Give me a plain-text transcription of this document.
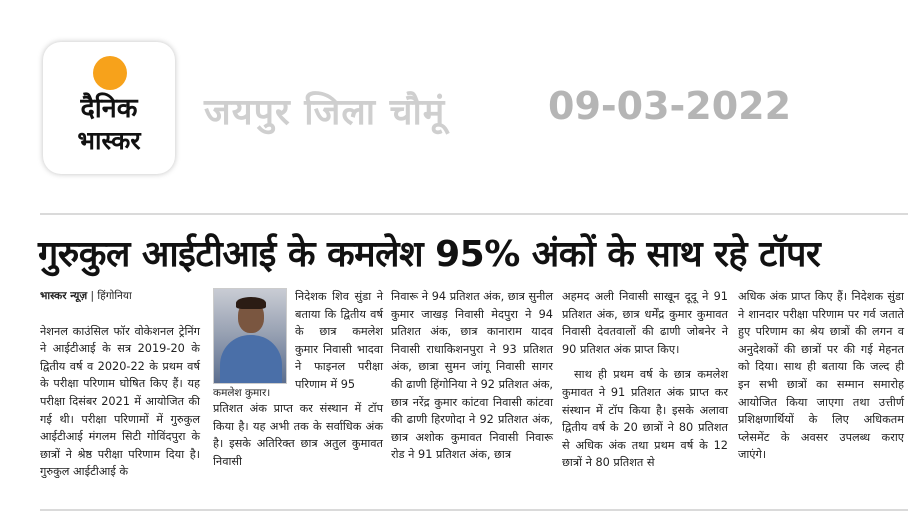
दैनिक
भास्कर
जयपुर जिला चौमूं	09-03-2022
गुरुकुल आईटीआई के कमलेश 95% अंकों के साथ रहे टॉपर
भास्कर न्यूज़ | हिंगोनिया

नेशनल काउंसिल फॉर वोकेशनल ट्रेनिंग ने आईटीआई के सत्र 2019-20 के द्वितीय वर्ष व 2020-22 के प्रथम वर्ष के परीक्षा परिणाम घोषित किए हैं। यह परीक्षा दिसंबर 2021 में आयोजित की गई थी। परीक्षा परिणामों में गुरुकुल आईटीआई मंगलम सिटी गोविंदपुरा के छात्रों ने श्रेष्ठ परीक्षा परिणाम दिया है। गुरुकुल आईटीआई के

कमलेश कुमार।

निदेशक शिव सुंडा ने बताया कि द्वितीय वर्ष के छात्र कमलेश कुमार निवासी भादवा ने फाइनल परीक्षा परिणाम में 95

प्रतिशत अंक प्राप्त कर संस्थान में टॉप किया है। यह अभी तक के सर्वाधिक अंक है। इसके अतिरिक्त छात्र अतुल कुमावत निवासी

निवारू ने 94 प्रतिशत अंक, छात्र सुनील कुमार जाखड़ निवासी मेदपुरा ने 94 प्रतिशत अंक, छात्र कानाराम यादव निवासी राधाकिशनपुरा ने 93 प्रतिशत अंक, छात्रा सुमन जांगू निवासी सागर की ढाणी हिंगोनिया ने 92 प्रतिशत अंक, छात्र नरेंद्र कुमार कांटवा निवासी कांटवा की ढाणी हिरणोदा ने 92 प्रतिशत अंक, छात्र अशोक कुमावत निवासी निवारू रोड ने 91 प्रतिशत अंक, छात्र

अहमद अली निवासी साखून दूदू ने 91 प्रतिशत अंक, छात्र धर्मेंद्र कुमार कुमावत निवासी देवतवालों की ढाणी जोबनेर ने 90 प्रतिशत अंक प्राप्त किए।

साथ ही प्रथम वर्ष के छात्र कमलेश कुमावत ने 91 प्रतिशत अंक प्राप्त कर संस्थान में टॉप किया है। इसके अलावा द्वितीय वर्ष के 20 छात्रों ने 80 प्रतिशत से अधिक अंक तथा प्रथम वर्ष के 12 छात्रों ने 80 प्रतिशत से

अधिक अंक प्राप्त किए हैं। निदेशक सुंडा ने शानदार परीक्षा परिणाम पर गर्व जताते हुए परिणाम का श्रेय छात्रों की लगन व अनुदेशकों की छात्रों पर की गई मेहनत को दिया। साथ ही बताया कि जल्द ही इन सभी छात्रों का सम्मान समारोह आयोजित किया जाएगा तथा उत्तीर्ण प्रशिक्षणार्थियों के लिए अधिकतम प्लेसमेंट के अवसर उपलब्ध कराए जाएंगे।
